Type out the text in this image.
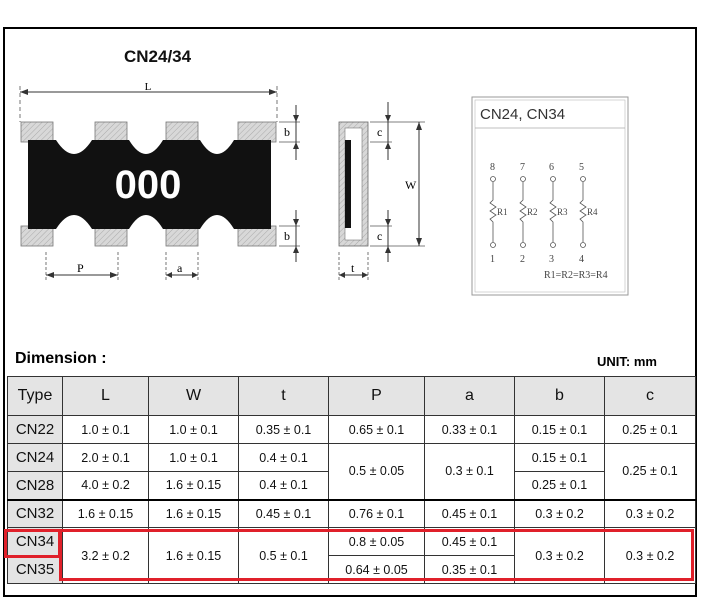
CN24/34
L
000
b
b
P	a
c
c
W
t
CN24, CN34
8	7 6	5
R1 R2 R3 R4
1	2 3	4
R1=R2=R3=R4
Dimension :	UNIT: mm
Type	L	W	t	P	a	b	c
CN22	1.0 ± 0.1	1.0 ± 0.1	0.35 ± 0.1	0.65 ± 0.1	0.33 ± 0.1	0.15 ± 0.1	0.25 ± 0.1
CN24	2.0 ± 0.1	1.0 ± 0.1	0.4 ± 0.1	0.5 ± 0.05	0.3 ± 0.1	0.15 ± 0.1	0.25 ± 0.1
CN28	4.0 ± 0.2	1.6 ± 0.15	0.4 ± 0.1			0.25 ± 0.1	
CN32	1.6 ± 0.15	1.6 ± 0.15	0.45 ± 0.1	0.76 ± 0.1	0.45 ± 0.1	0.3 ± 0.2	0.3 ± 0.2
CN34	3.2 ± 0.2	1.6 ± 0.15	0.5 ± 0.1	0.8 ± 0.05	0.45 ± 0.1	0.3 ± 0.2	0.3 ± 0.2
CN35				0.64 ± 0.05	0.35 ± 0.1		
